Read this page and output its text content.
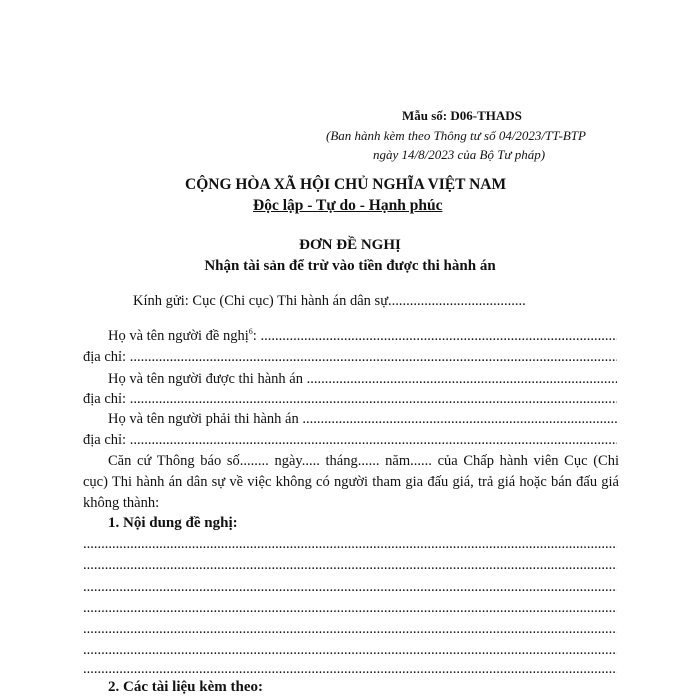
Mẫu số: D06-THADS
(Ban hành kèm theo Thông tư số 04/2023/TT-BTP
ngày 14/8/2023 của Bộ Tư pháp)
CỘNG HÒA XÃ HỘI CHỦ NGHĨA VIỆT NAM
Độc lập - Tự do - Hạnh phúc
ĐƠN ĐỀ NGHỊ
Nhận tài sản để trừ vào tiền được thi hành án
Kính gửi: Cục (Chi cục) Thi hành án dân sự......................................
Họ và tên người đề nghị$^6$: .....
địa chỉ: .....
Họ và tên người được thi hành án .....
địa chỉ: .....
Họ và tên người phải thi hành án .....
địa chỉ: .....
Căn cứ Thông báo số........ ngày..... tháng...... năm...... của Chấp hành viên Cục (Chi cục) Thi hành án dân sự về việc không có người tham gia đấu giá, trả giá hoặc bán đấu giá không thành:
1. Nội dung đề nghị:
.....
.....
.....
.....
.....
.....
.....
2. Các tài liệu kèm theo:
